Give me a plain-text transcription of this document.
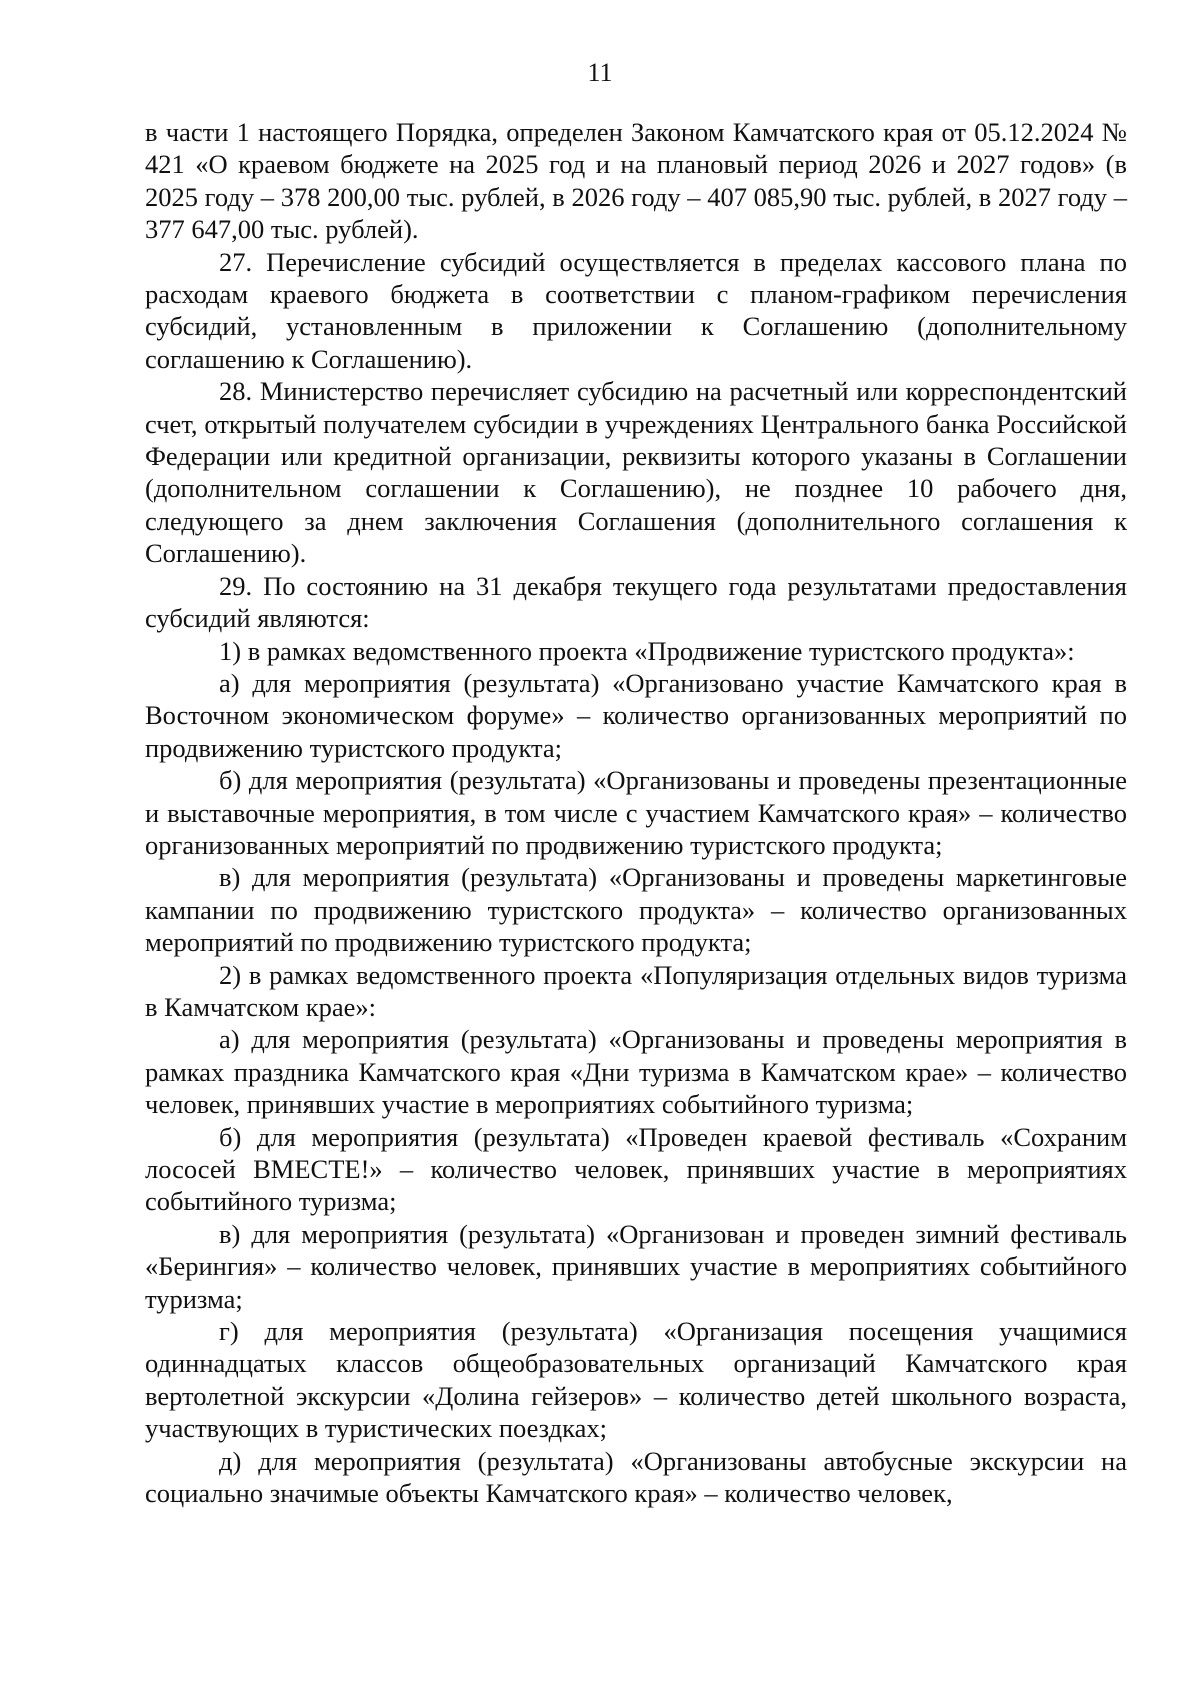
11

в части 1 настоящего Порядка, определен Законом Камчатского края от 05.12.2024 № 421 «О краевом бюджете на 2025 год и на плановый период 2026 и 2027 годов» (в 2025 году – 378 200,00 тыс. рублей, в 2026 году – 407 085,90 тыс. рублей, в 2027 году – 377 647,00 тыс. рублей).

27. Перечисление субсидий осуществляется в пределах кассового плана по расходам краевого бюджета в соответствии с планом-графиком перечисления субсидий, установленным в приложении к Соглашению (дополнительному соглашению к Соглашению).

28. Министерство перечисляет субсидию на расчетный или корреспондентский счет, открытый получателем субсидии в учреждениях Центрального банка Российской Федерации или кредитной организации, реквизиты которого указаны в Соглашении (дополнительном соглашении к Соглашению), не позднее 10 рабочего дня, следующего за днем заключения Соглашения (дополнительного соглашения к Соглашению).

29. По состоянию на 31 декабря текущего года результатами предоставления субсидий являются:

1) в рамках ведомственного проекта «Продвижение туристского продукта»:

а) для мероприятия (результата) «Организовано участие Камчатского края в Восточном экономическом форуме» – количество организованных мероприятий по продвижению туристского продукта;

б) для мероприятия (результата) «Организованы и проведены презентационные и выставочные мероприятия, в том числе с участием Камчатского края» – количество организованных мероприятий по продвижению туристского продукта;

в) для мероприятия (результата) «Организованы и проведены маркетинговые кампании по продвижению туристского продукта» – количество организованных мероприятий по продвижению туристского продукта;

2) в рамках ведомственного проекта «Популяризация отдельных видов туризма в Камчатском крае»:

а) для мероприятия (результата) «Организованы и проведены мероприятия в рамках праздника Камчатского края «Дни туризма в Камчатском крае» – количество человек, принявших участие в мероприятиях событийного туризма;

б) для мероприятия (результата) «Проведен краевой фестиваль «Сохраним лососей ВМЕСТЕ!» – количество человек, принявших участие в мероприятиях событийного туризма;

в) для мероприятия (результата) «Организован и проведен зимний фестиваль «Берингия» – количество человек, принявших участие в мероприятиях событийного туризма;

г) для мероприятия (результата) «Организация посещения учащимися одиннадцатых классов общеобразовательных организаций Камчатского края вертолетной экскурсии «Долина гейзеров» – количество детей школьного возраста, участвующих в туристических поездках;

д) для мероприятия (результата) «Организованы автобусные экскурсии на социально значимые объекты Камчатского края» – количество человек,
